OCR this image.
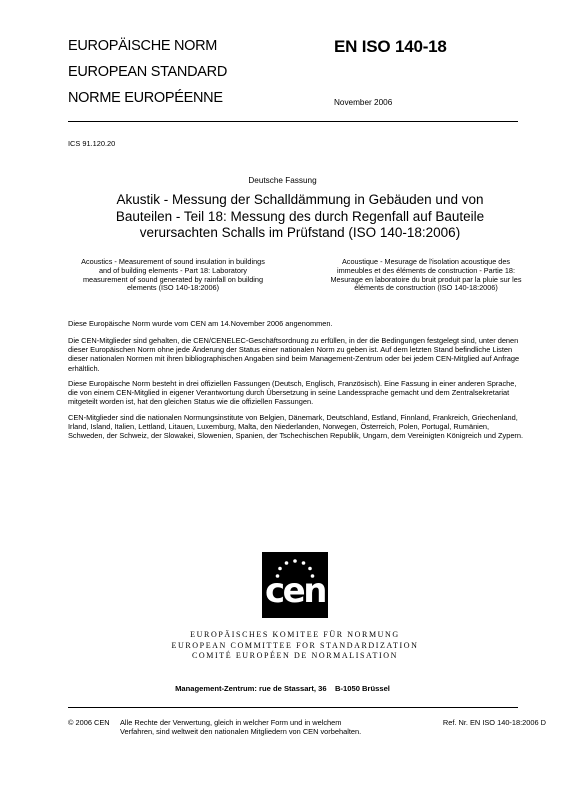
EUROPÄISCHE NORM
EUROPEAN STANDARD
NORME EUROPÉENNE
EN ISO 140-18
November 2006
ICS 91.120.20
Deutsche Fassung
Akustik - Messung der Schalldämmung in Gebäuden und von
Bauteilen - Teil 18: Messung des durch Regenfall auf Bauteile
verursachten Schalls im Prüfstand (ISO 140-18:2006)
Acoustics - Measurement of sound insulation in buildings
and of building elements - Part 18: Laboratory
measurement of sound generated by rainfall on building
elements (ISO 140-18:2006)
Acoustique - Mesurage de l'isolation acoustique des
immeubles et des éléments de construction - Partie 18:
Mesurage en laboratoire du bruit produit par la pluie sur les
éléments de construction (ISO 140-18:2006)
Diese Europäische Norm wurde vom CEN am 14.November 2006 angenommen.
Die CEN-Mitglieder sind gehalten, die CEN/CENELEC-Geschäftsordnung zu erfüllen, in der die Bedingungen festgelegt sind, unter denen
dieser Europäischen Norm ohne jede Änderung der Status einer nationalen Norm zu geben ist. Auf dem letzten Stand befindliche Listen
dieser nationalen Normen mit ihren bibliographischen Angaben sind beim Management-Zentrum oder bei jedem CEN-Mitglied auf Anfrage
erhältlich.
Diese Europäische Norm besteht in drei offiziellen Fassungen (Deutsch, Englisch, Französisch). Eine Fassung in einer anderen Sprache,
die von einem CEN-Mitglied in eigener Verantwortung durch Übersetzung in seine Landessprache gemacht und dem Zentralsekretariat
mitgeteilt worden ist, hat den gleichen Status wie die offiziellen Fassungen.
CEN-Mitglieder sind die nationalen Normungsinstitute von Belgien, Dänemark, Deutschland, Estland, Finnland, Frankreich, Griechenland,
Irland, Island, Italien, Lettland, Litauen, Luxemburg, Malta, den Niederlanden, Norwegen, Österreich, Polen, Portugal, Rumänien,
Schweden, der Schweiz, der Slowakei, Slowenien, Spanien, der Tschechischen Republik, Ungarn, dem Vereinigten Königreich und Zypern.
cen
EUROPÄISCHES KOMITEE FÜR NORMUNG
EUROPEAN COMMITTEE FOR STANDARDIZATION
COMITÉ EUROPÉEN DE NORMALISATION
Management-Zentrum: rue de Stassart, 36    B-1050 Brüssel
© 2006 CEN Alle Rechte der Verwertung, gleich in welcher Form und in welchem
Verfahren, sind weltweit den nationalen Mitgliedern von CEN vorbehalten.
Ref. Nr. EN ISO 140-18:2006 D
